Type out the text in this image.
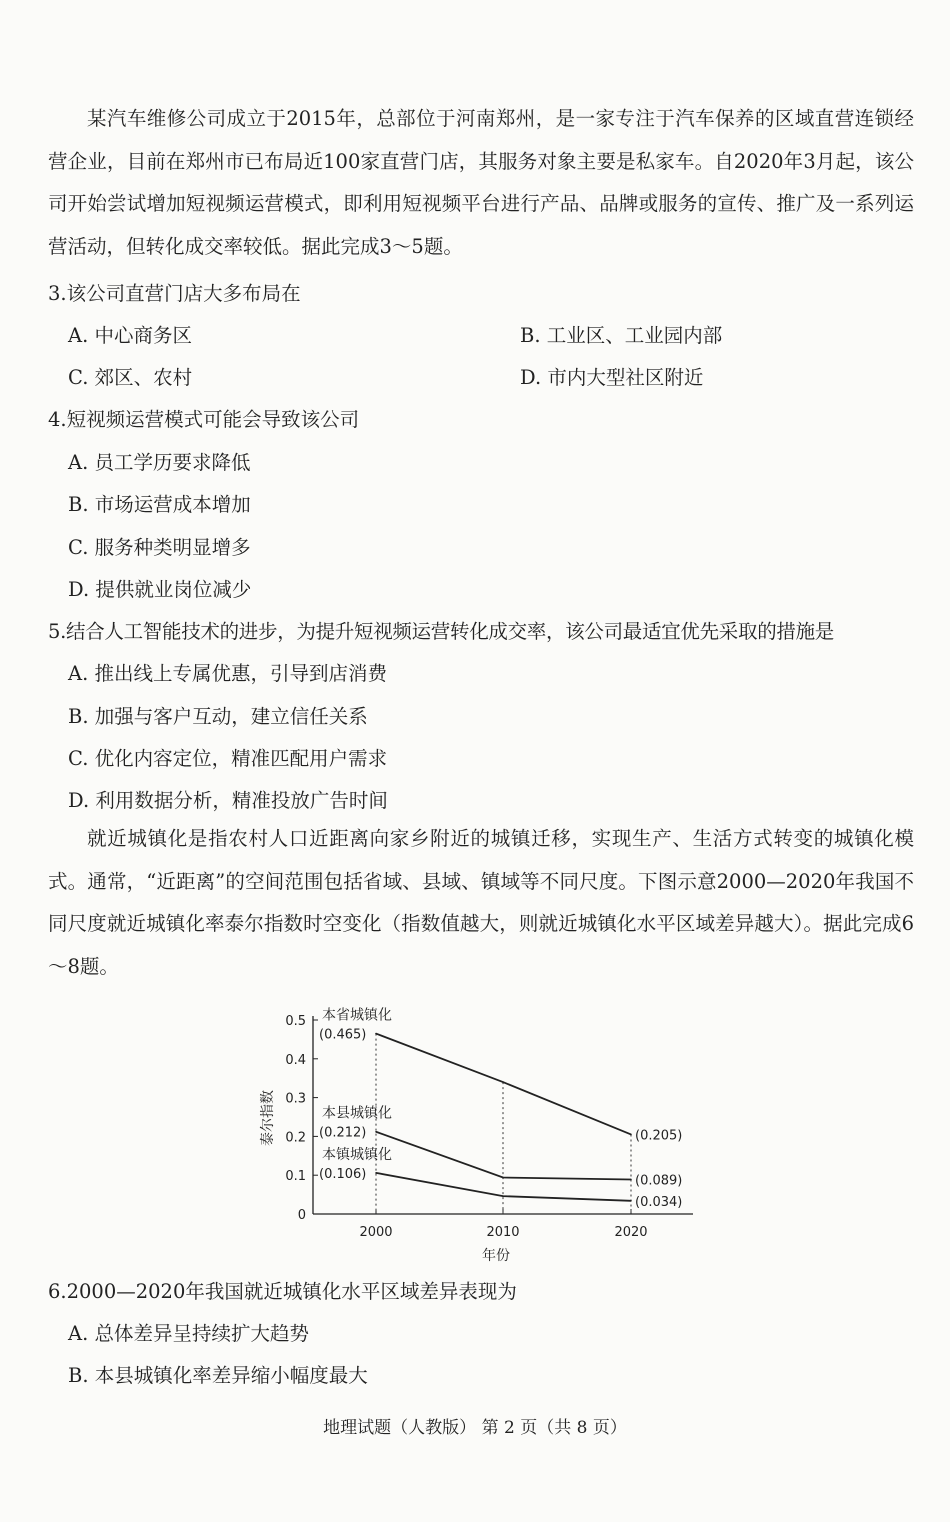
某汽车维修公司成立于2015年，总部位于河南郑州，是一家专注于汽车保养的区域直营连锁经营企业，目前在郑州市已布局近100家直营门店，其服务对象主要是私家车。自2020年3月起，该公司开始尝试增加短视频运营模式，即利用短视频平台进行产品、品牌或服务的宣传、推广及一系列运营活动，但转化成交率较低。据此完成3～5题。
3.该公司直营门店大多布局在
A. 中心商务区	B. 工业区、工业园内部
C. 郊区、农村	D. 市内大型社区附近
4.短视频运营模式可能会导致该公司
A. 员工学历要求降低
B. 市场运营成本增加
C. 服务种类明显增多
D. 提供就业岗位减少
5.结合人工智能技术的进步，为提升短视频运营转化成交率，该公司最适宜优先采取的措施是
A. 推出线上专属优惠，引导到店消费
B. 加强与客户互动，建立信任关系
C. 优化内容定位，精准匹配用户需求
D. 利用数据分析，精准投放广告时间
就近城镇化是指农村人口近距离向家乡附近的城镇迁移，实现生产、生活方式转变的城镇化模式。通常，“近距离”的空间范围包括省域、县域、镇域等不同尺度。下图示意2000—2020年我国不同尺度就近城镇化率泰尔指数时空变化（指数值越大，则就近城镇化水平区域差异越大）。据此完成6～8题。
0
0.1
0.2
0.3
0.4
0.5
2000	2010	2020
年份
泰尔指数
本省城镇化
(0.465)
(0.205)
本县城镇化
(0.212)
(0.089)
本镇城镇化
(0.106)
(0.034)
6.2000—2020年我国就近城镇化水平区域差异表现为
A. 总体差异呈持续扩大趋势
B. 本县城镇化率差异缩小幅度最大
地理试题（人教版） 第 2 页（共 8 页）
